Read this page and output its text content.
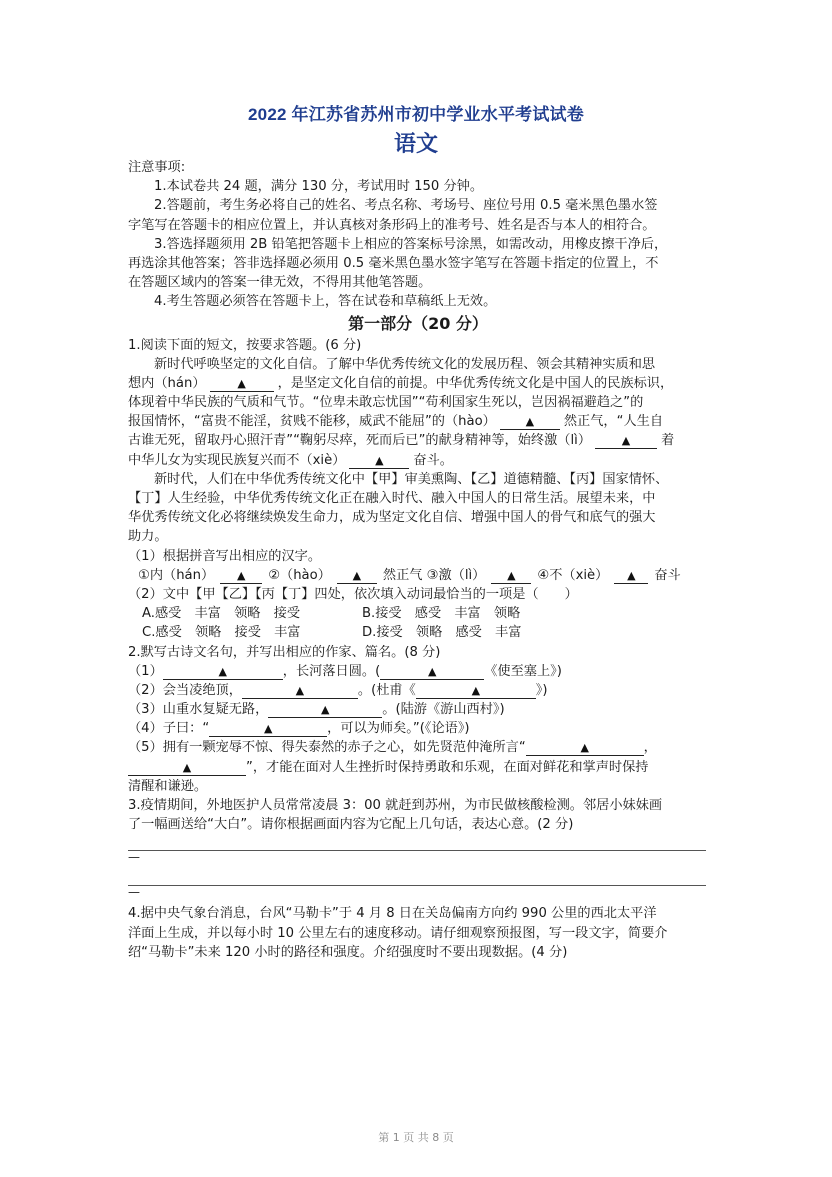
2022 年江苏省苏州市初中学业水平考试试卷
语文
注意事项:
1.本试卷共 24 题，满分 130 分，考试用时 150 分钟。
2.答题前，考生务必将自己的姓名、考点名称、考场号、座位号用 0.5 毫米黑色墨水签
字笔写在答题卡的相应位置上，并认真核对条形码上的准考号、姓名是否与本人的相符合。
3.答选择题须用 2B 铅笔把答题卡上相应的答案标号涂黑，如需改动，用橡皮擦干净后，
再选涂其他答案；答非选择题必须用 0.5 毫米黑色墨水签字笔写在答题卡指定的位置上，不
在答题区域内的答案一律无效，不得用其他笔答题。
4.考生答题必须答在答题卡上，答在试卷和草稿纸上无效。
第一部分（20 分）
1.阅读下面的短文，按要求答题。(6 分)
新时代呼唤坚定的文化自信。了解中华优秀传统文化的发展历程、领会其精神实质和思
想内（hán）	▲ ，是坚定文化自信的前提。中华优秀传统文化是中国人的民族标识，
体现着中华民族的气质和气节。“位卑未敢忘忧国”“苟利国家生死以，岂因祸福避趋之”的
报国情怀，“富贵不能淫，贫贱不能移，威武不能屈”的（hào）	▲ 然正气，“人生自
古谁无死，留取丹心照汗青”“鞠躬尽瘁，死而后已”的献身精神等，始终激（lì）	▲ 着
中华儿女为实现民族复兴而不（xiè）	▲ 奋斗。
新时代，人们在中华优秀传统文化中【甲】审美熏陶、【乙】道德精髓、【丙】国家情怀、
【丁】人生经验，中华优秀传统文化正在融入时代、融入中国人的日常生活。展望未来，中
华优秀传统文化必将继续焕发生命力，成为坚定文化自信、增强中国人的骨气和底气的强大
助力。
（1）根据拼音写出相应的汉字。
①内（hán） ▲ ②（hào） ▲ 然正气 ③激（lì） ▲ ④不（xiè） ▲ 奋斗
（2）文中【甲【乙】【丙【丁】四处，依次填入动词最恰当的一项是（ ）
A.感受　丰富　领略　接受	B.接受　感受　丰富　领略
C.感受　领略　接受　丰富	D.接受　领略　感受　丰富
2.默写古诗文名句，并写出相应的作家、篇名。(8 分)
（1）	▲	，长河落日圆。(	▲	《使至塞上》)
（2）会当凌绝顶，	▲	。(杜甫《	▲	》)
（3）山重水复疑无路，	▲	。(陆游《游山西村》)
（4）子曰：“	▲	，可以为师矣。”(《论语》)
（5）拥有一颗宠辱不惊、得失泰然的赤子之心，如先贤范仲淹所言“	▲	，
▲	”，才能在面对人生挫折时保持勇敢和乐观，在面对鲜花和掌声时保持
清醒和谦逊。
3.疫情期间，外地医护人员常常凌晨 3：00 就赶到苏州，为市民做核酸检测。邻居小妹妹画
了一幅画送给“大白”。请你根据画面内容为它配上几句话，表达心意。(2 分)
—
—
4.据中央气象台消息，台风“马勒卡”于 4 月 8 日在关岛偏南方向约 990 公里的西北太平洋
洋面上生成，并以每小时 10 公里左右的速度移动。请仔细观察预报图，写一段文字，简要介
绍“马勒卡”未来 120 小时的路径和强度。介绍强度时不要出现数据。(4 分)
第 1 页 共 8 页
